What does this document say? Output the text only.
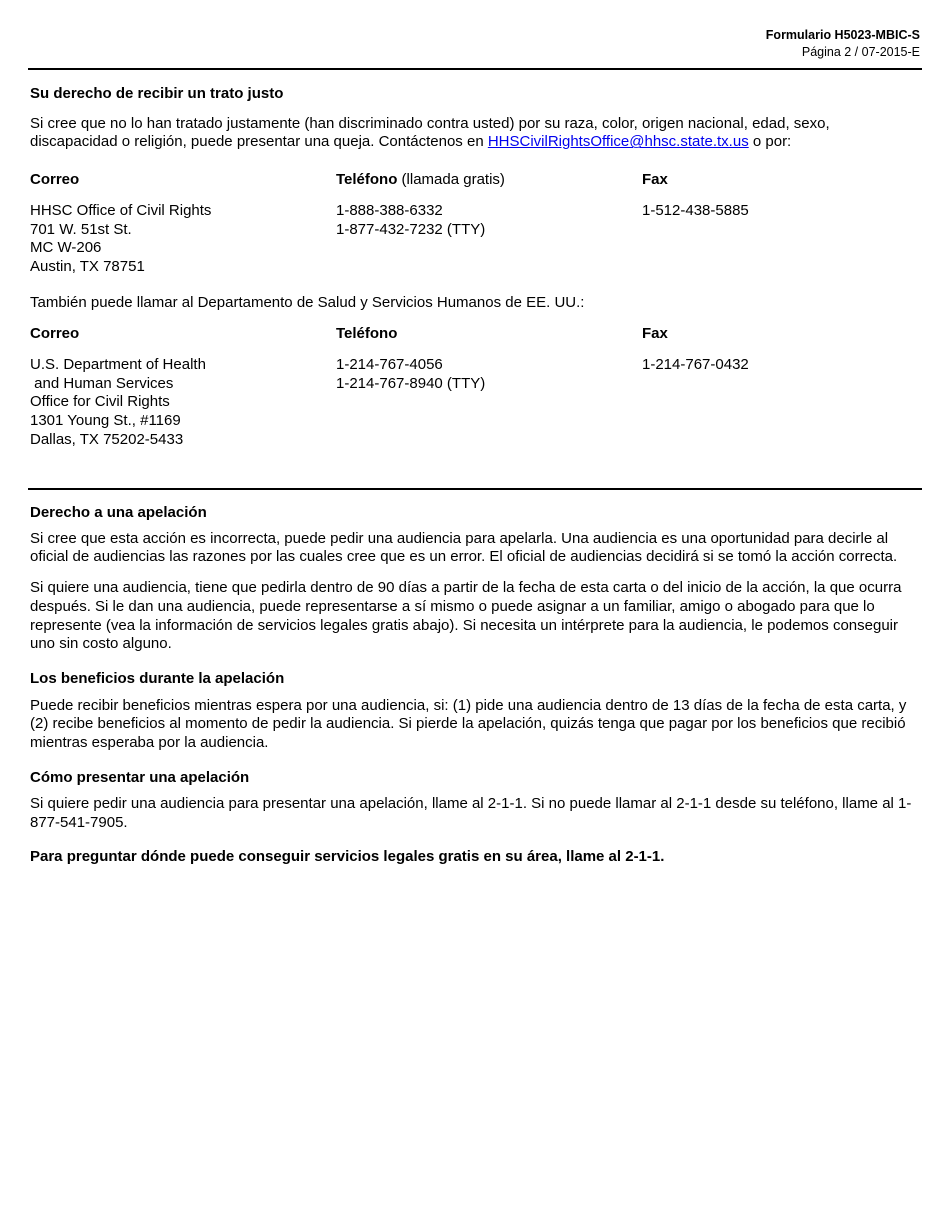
Formulario H5023-MBIC-S
Página 2 / 07-2015-E

Su derecho de recibir un trato justo

Si cree que no lo han tratado justamente (han discriminado contra usted) por su raza, color, origen nacional, edad, sexo, discapacidad o religión, puede presentar una queja. Contáctenos en HHSCivilRightsOffice@hhsc.state.tx.us o por:

Correo
HHSC Office of Civil Rights
701 W. 51st St.
MC W-206
Austin, TX 78751
Teléfono (llamada gratis)
1-888-388-6332
1-877-432-7232 (TTY)
Fax
1-512-438-5885

También puede llamar al Departamento de Salud y Servicios Humanos de EE. UU.:

Correo
U.S. Department of Health
and Human Services
Office for Civil Rights
1301 Young St., #1169
Dallas, TX 75202-5433
Teléfono
1-214-767-4056
1-214-767-8940 (TTY)
Fax
1-214-767-0432

Derecho a una apelación

Si cree que esta acción es incorrecta, puede pedir una audiencia para apelarla. Una audiencia es una oportunidad para decirle al oficial de audiencias las razones por las cuales cree que es un error. El oficial de audiencias decidirá si se tomó la acción correcta.

Si quiere una audiencia, tiene que pedirla dentro de 90 días a partir de la fecha de esta carta o del inicio de la acción, la que ocurra después. Si le dan una audiencia, puede representarse a sí mismo o puede asignar a un familiar, amigo o abogado para que lo represente (vea la información de servicios legales gratis abajo). Si necesita un intérprete para la audiencia, le podemos conseguir uno sin costo alguno.

Los beneficios durante la apelación

Puede recibir beneficios mientras espera por una audiencia, si: (1) pide una audiencia dentro de 13 días de la fecha de esta carta, y (2) recibe beneficios al momento de pedir la audiencia. Si pierde la apelación, quizás tenga que pagar por los beneficios que recibió mientras esperaba por la audiencia.

Cómo presentar una apelación

Si quiere pedir una audiencia para presentar una apelación, llame al 2-1-1. Si no puede llamar al 2-1-1 desde su teléfono, llame al 1-877-541-7905.

Para preguntar dónde puede conseguir servicios legales gratis en su área, llame al 2-1-1.
